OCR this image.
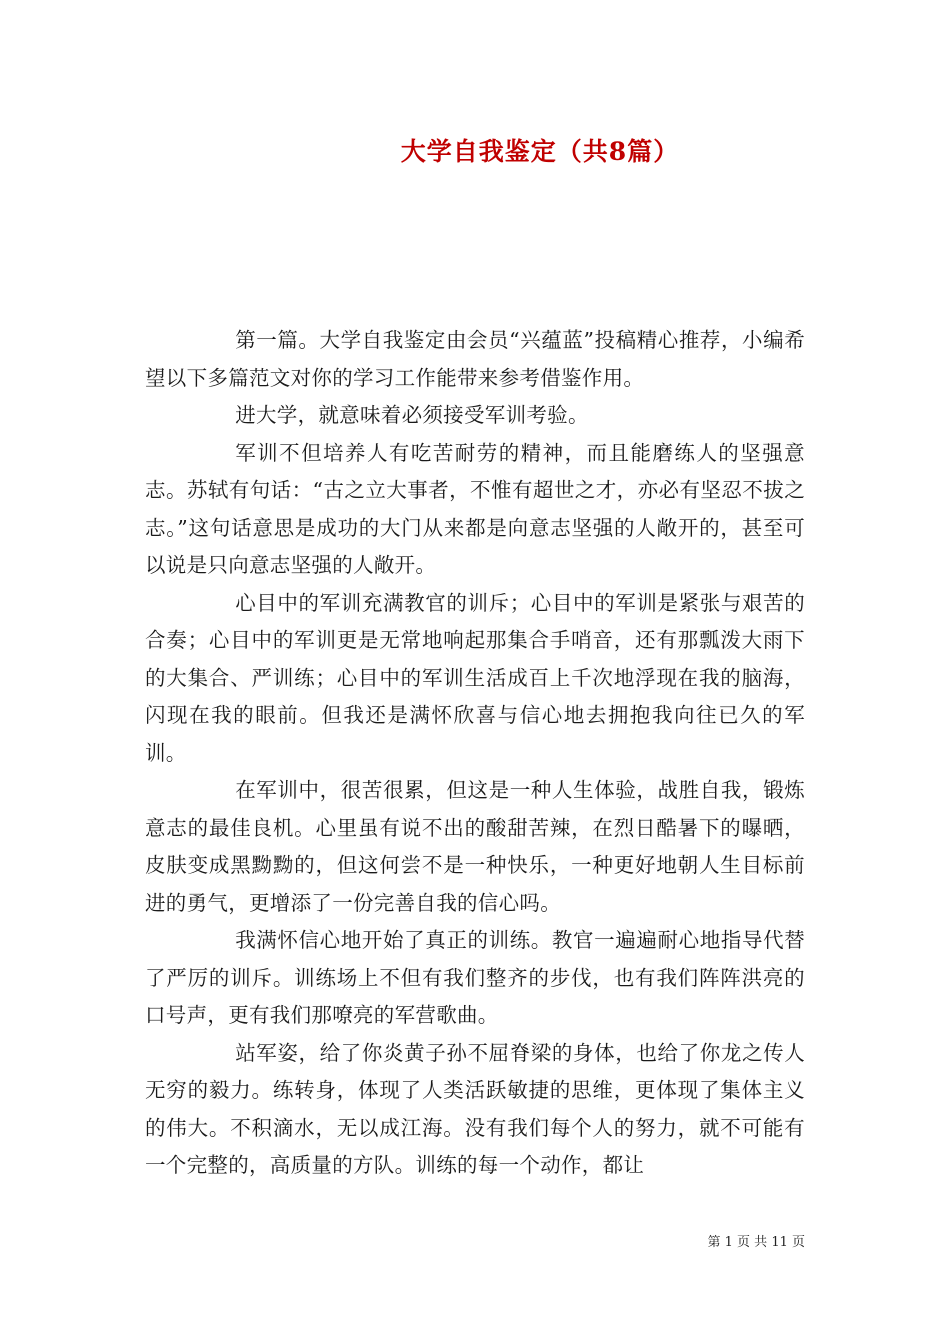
大学自我鉴定（共8篇）

第一篇。大学自我鉴定由会员“兴蕴蓝”投稿精心推荐，小编希望以下多篇范文对你的学习工作能带来参考借鉴作用。

进大学，就意味着必须接受军训考验。

军训不但培养人有吃苦耐劳的精神，而且能磨练人的坚强意志。苏轼有句话：“古之立大事者，不惟有超世之才，亦必有坚忍不拔之志。”这句话意思是成功的大门从来都是向意志坚强的人敞开的，甚至可以说是只向意志坚强的人敞开。

心目中的军训充满教官的训斥；心目中的军训是紧张与艰苦的合奏；心目中的军训更是无常地响起那集合手哨音，还有那瓢泼大雨下的大集合、严训练；心目中的军训生活成百上千次地浮现在我的脑海，闪现在我的眼前。但我还是满怀欣喜与信心地去拥抱我向往已久的军训。

在军训中，很苦很累，但这是一种人生体验，战胜自我，锻炼意志的最佳良机。心里虽有说不出的酸甜苦辣，在烈日酷暑下的曝晒，皮肤变成黑黝黝的，但这何尝不是一种快乐，一种更好地朝人生目标前进的勇气，更增添了一份完善自我的信心吗。

我满怀信心地开始了真正的训练。教官一遍遍耐心地指导代替了严厉的训斥。训练场上不但有我们整齐的步伐，也有我们阵阵洪亮的口号声，更有我们那嘹亮的军营歌曲。

站军姿，给了你炎黄子孙不屈脊梁的身体，也给了你龙之传人无穷的毅力。练转身，体现了人类活跃敏捷的思维，更体现了集体主义的伟大。不积滴水，无以成江海。没有我们每个人的努力，就不可能有一个完整的，高质量的方队。训练的每一个动作，都让

第 1 页 共 11 页
